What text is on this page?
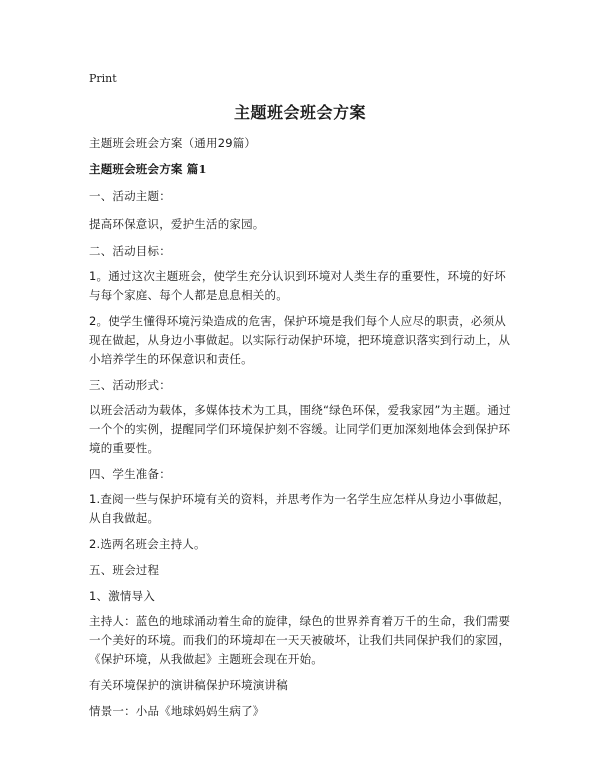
Print
主题班会班会方案
主题班会班会方案（通用29篇）
主题班会班会方案 篇1
一、活动主题：
提高环保意识，爱护生活的家园。
二、活动目标：
1。通过这次主题班会，使学生充分认识到环境对人类生存的重要性，环境的好坏
与每个家庭、每个人都是息息相关的。
2。使学生懂得环境污染造成的危害，保护环境是我们每个人应尽的职责，必须从
现在做起，从身边小事做起。以实际行动保护环境，把环境意识落实到行动上，从
小培养学生的环保意识和责任。
三、活动形式：
以班会活动为载体，多媒体技术为工具，围绕“绿色环保，爱我家园”为主题。通过
一个个的实例，提醒同学们环境保护刻不容缓。让同学们更加深刻地体会到保护环
境的重要性。
四、学生准备：
1.查阅一些与保护环境有关的资料，并思考作为一名学生应怎样从身边小事做起，
从自我做起。
2.选两名班会主持人。
五、班会过程
1、激情导入
主持人：蓝色的地球涌动着生命的旋律，绿色的世界养育着万千的生命，我们需要
一个美好的环境。而我们的环境却在一天天被破坏，让我们共同保护我们的家园，
《保护环境，从我做起》主题班会现在开始。
有关环境保护的演讲稿保护环境演讲稿
情景一：小品《地球妈妈生病了》
